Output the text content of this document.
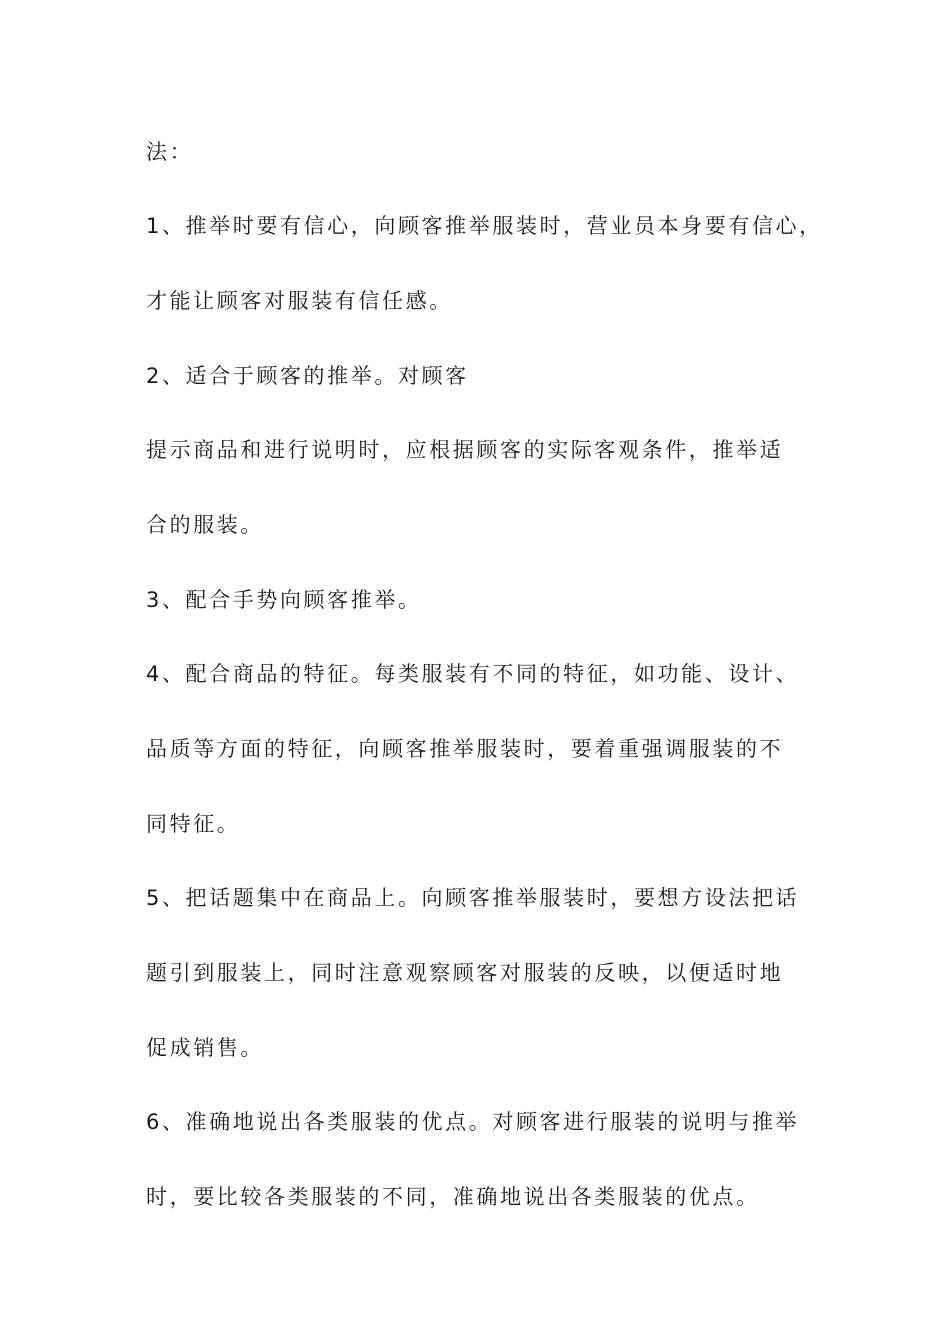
法：
1、推举时要有信心，向顾客推举服装时，营业员本身要有信心，
才能让顾客对服装有信任感。
2、适合于顾客的推举。对顾客
提示商品和进行说明时，应根据顾客的实际客观条件，推举适
合的服装。
3、配合手势向顾客推举。
4、配合商品的特征。每类服装有不同的特征，如功能、设计、
品质等方面的特征，向顾客推举服装时，要着重强调服装的不
同特征。
5、把话题集中在商品上。向顾客推举服装时，要想方设法把话
题引到服装上，同时注意观察顾客对服装的反映，以便适时地
促成销售。
6、准确地说出各类服装的优点。对顾客进行服装的说明与推举
时，要比较各类服装的不同，准确地说出各类服装的优点。
